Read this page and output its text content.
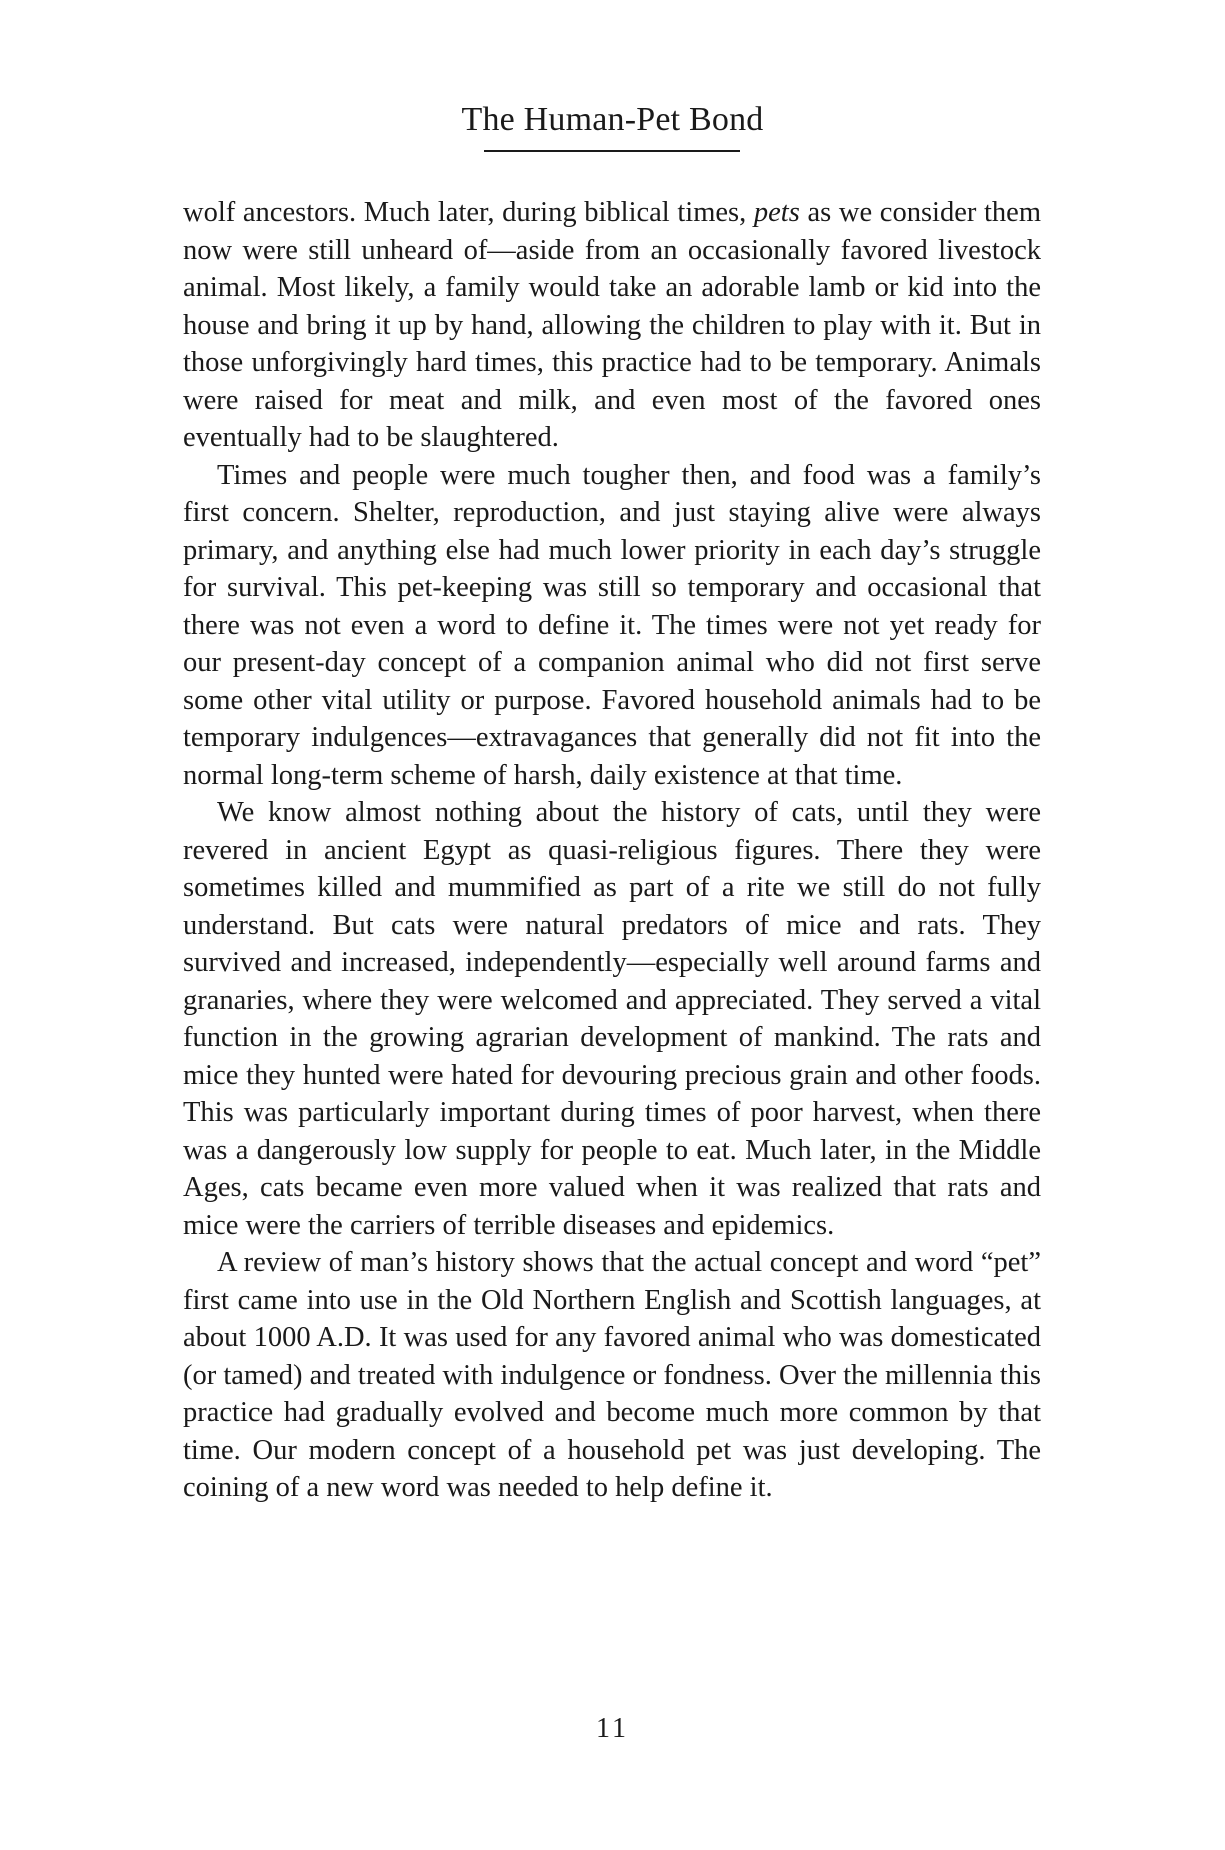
The Human-Pet Bond

wolf ancestors. Much later, during biblical times, pets as we consider them now were still unheard of—aside from an occasionally favored livestock animal. Most likely, a family would take an adorable lamb or kid into the house and bring it up by hand, allowing the children to play with it. But in those unforgivingly hard times, this practice had to be temporary. Animals were raised for meat and milk, and even most of the favored ones eventually had to be slaughtered.

Times and people were much tougher then, and food was a family’s first concern. Shelter, reproduction, and just staying alive were always primary, and anything else had much lower priority in each day’s struggle for survival. This pet-keeping was still so temporary and occasional that there was not even a word to define it. The times were not yet ready for our present-day concept of a companion animal who did not first serve some other vital utility or purpose. Favored household animals had to be temporary indulgences—extravagances that generally did not fit into the normal long-term scheme of harsh, daily existence at that time.

We know almost nothing about the history of cats, until they were revered in ancient Egypt as quasi-religious figures. There they were sometimes killed and mummified as part of a rite we still do not fully understand. But cats were natural predators of mice and rats. They survived and increased, independently—especially well around farms and granaries, where they were welcomed and appreciated. They served a vital function in the growing agrarian development of mankind. The rats and mice they hunted were hated for devouring precious grain and other foods. This was particularly important during times of poor harvest, when there was a dangerously low supply for people to eat. Much later, in the Middle Ages, cats became even more valued when it was realized that rats and mice were the carriers of terrible diseases and epidemics.

A review of man’s history shows that the actual concept and word “pet” first came into use in the Old Northern English and Scottish languages, at about 1000 A.D. It was used for any favored animal who was domesticated (or tamed) and treated with indulgence or fondness. Over the millennia this practice had gradually evolved and become much more common by that time. Our modern concept of a household pet was just developing. The coining of a new word was needed to help define it.

11
